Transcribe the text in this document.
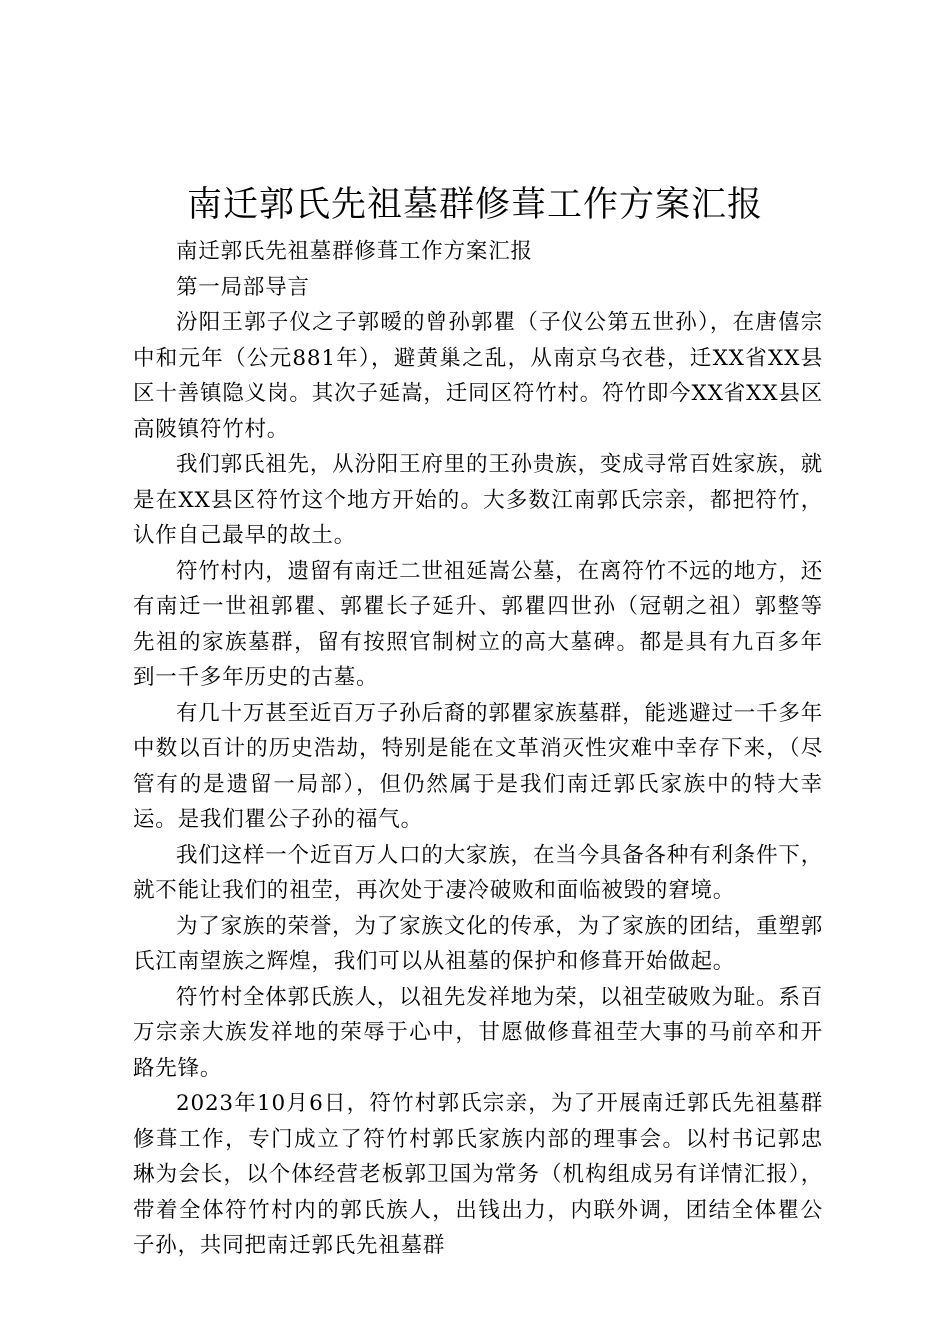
南迁郭氏先祖墓群修葺工作方案汇报

南迁郭氏先祖墓群修葺工作方案汇报

第一局部导言

汾阳王郭子仪之子郭暧的曾孙郭瞿（子仪公第五世孙），在唐僖宗中和元年（公元881年），避黄巢之乱，从南京乌衣巷，迁XX省XX县区十善镇隐义岗。其次子延嵩，迁同区符竹村。符竹即今XX省XX县区高陂镇符竹村。

我们郭氏祖先，从汾阳王府里的王孙贵族，变成寻常百姓家族，就是在XX县区符竹这个地方开始的。大多数江南郭氏宗亲，都把符竹，认作自己最早的故土。

符竹村内，遗留有南迁二世祖延嵩公墓，在离符竹不远的地方，还有南迁一世祖郭瞿、郭瞿长子延升、郭瞿四世孙（冠朝之祖）郭整等先祖的家族墓群，留有按照官制树立的高大墓碑。都是具有九百多年到一千多年历史的古墓。

有几十万甚至近百万子孙后裔的郭瞿家族墓群，能逃避过一千多年中数以百计的历史浩劫，特别是能在文革消灭性灾难中幸存下来，（尽管有的是遗留一局部），但仍然属于是我们南迁郭氏家族中的特大幸运。是我们瞿公子孙的福气。

我们这样一个近百万人口的大家族，在当今具备各种有利条件下，就不能让我们的祖茔，再次处于凄冷破败和面临被毁的窘境。

为了家族的荣誉，为了家族文化的传承，为了家族的团结，重塑郭氏江南望族之辉煌，我们可以从祖墓的保护和修葺开始做起。

符竹村全体郭氏族人，以祖先发祥地为荣，以祖茔破败为耻。系百万宗亲大族发祥地的荣辱于心中，甘愿做修葺祖茔大事的马前卒和开路先锋。

2023年10月6日，符竹村郭氏宗亲，为了开展南迁郭氏先祖墓群修葺工作，专门成立了符竹村郭氏家族内部的理事会。以村书记郭忠琳为会长，以个体经营老板郭卫国为常务（机构组成另有详情汇报），带着全体符竹村内的郭氏族人，出钱出力，内联外调，团结全体瞿公子孙，共同把南迁郭氏先祖墓群
